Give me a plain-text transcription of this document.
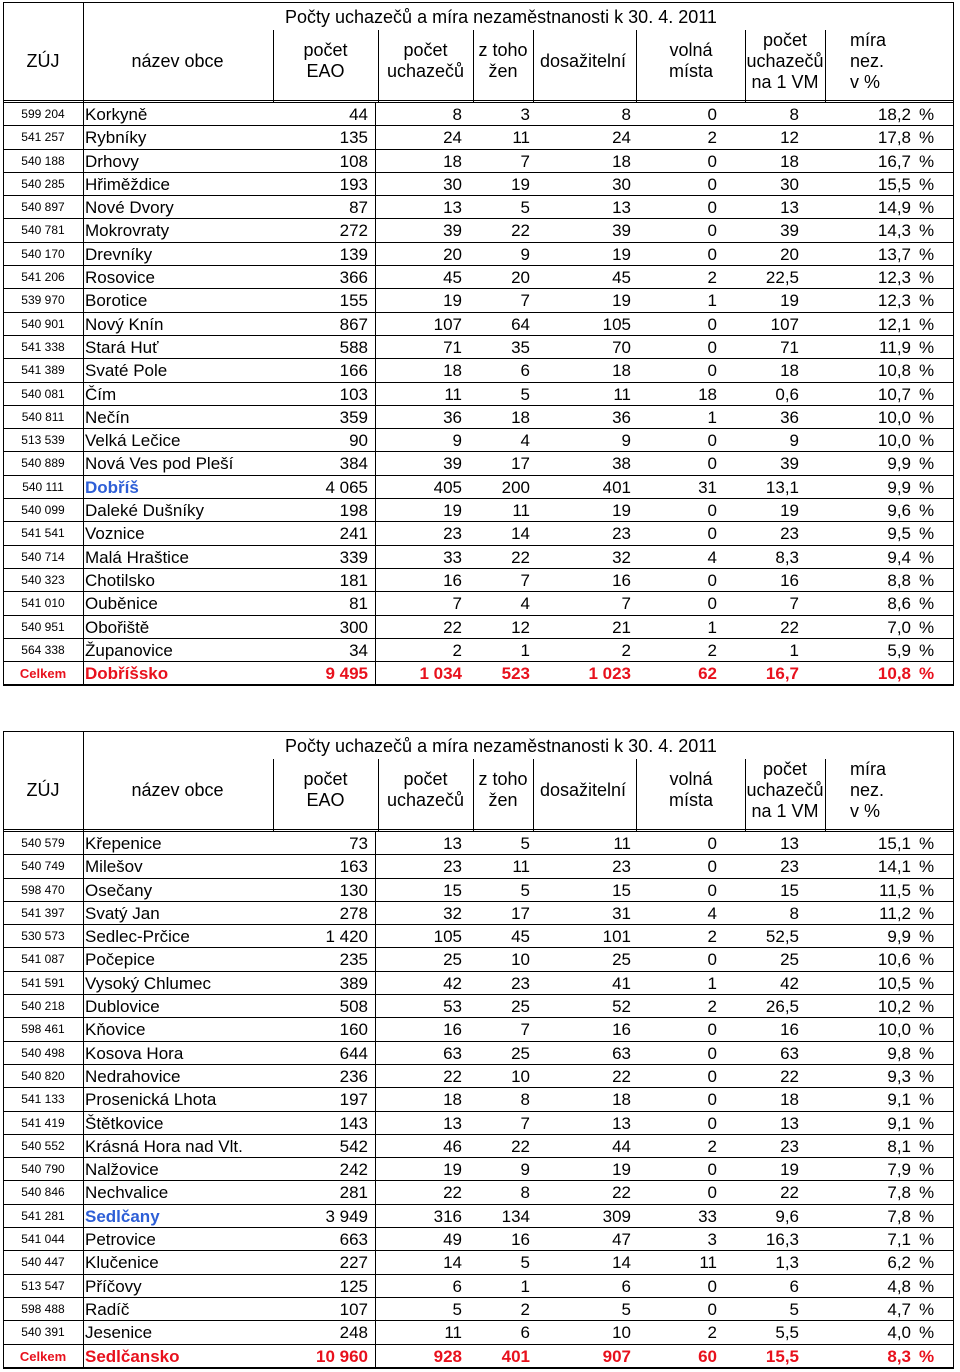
Počty uchazečů a míra nezaměstnanosti k 30. 4. 2011
ZÚJ	název obce
počet
EAO
počet
uchazečů
z toho
žen	dosažitelní
volná
místa
počet
uchazečů
na 1 VM
míra
nez.
v %
599 204	Korkyně	44	8	3	8	0	8	18,2 %
541 257	Rybníky	135	24	11	24	2	12	17,8 %
540 188	Drhovy	108	18	7	18	0	18	16,7 %
540 285	Hřiměždice	193	30	19	30	0	30	15,5 %
540 897	Nové Dvory	87	13	5	13	0	13	14,9 %
540 781	Mokrovraty	272	39	22	39	0	39	14,3 %
540 170	Drevníky	139	20	9	19	0	20	13,7 %
541 206	Rosovice	366	45	20	45	2	22,5	12,3 %
539 970	Borotice	155	19	7	19	1	19	12,3 %
540 901	Nový Knín	867	107	64	105	0	107	12,1 %
541 338	Stará Huť	588	71	35	70	0	71	11,9 %
541 389	Svaté Pole	166	18	6	18	0	18	10,8 %
540 081	Čím	103	11	5	11	18	0,6	10,7 %
540 811	Nečín	359	36	18	36	1	36	10,0 %
513 539	Velká Lečice	90	9	4	9	0	9	10,0 %
540 889	Nová Ves pod Pleší	384	39	17	38	0	39	9,9 %
540 111	Dobříš	4 065	405	200	401	31	13,1	9,9 %
540 099	Daleké Dušníky	198	19	11	19	0	19	9,6 %
541 541	Voznice	241	23	14	23	0	23	9,5 %
540 714	Malá Hraštice	339	33	22	32	4	8,3	9,4 %
540 323	Chotilsko	181	16	7	16	0	16	8,8 %
541 010	Ouběnice	81	7	4	7	0	7	8,6 %
540 951	Obořiště	300	22	12	21	1	22	7,0 %
564 338	Županovice	34	2	1	2	2	1	5,9 %
Celkem	Dobříšsko	9 495	1 034	523	1 023	62	16,7	10,8 %
Počty uchazečů a míra nezaměstnanosti k 30. 4. 2011
ZÚJ	název obce
počet
EAO
počet
uchazečů
z toho
žen	dosažitelní
volná
místa
počet
uchazečů
na 1 VM
míra
nez.
v %
540 579	Křepenice	73	13	5	11	0	13	15,1 %
540 749	Milešov	163	23	11	23	0	23	14,1 %
598 470	Osečany	130	15	5	15	0	15	11,5 %
541 397	Svatý Jan	278	32	17	31	4	8	11,2 %
530 573	Sedlec-Prčice	1 420	105	45	101	2	52,5	9,9 %
541 087	Počepice	235	25	10	25	0	25	10,6 %
541 591	Vysoký Chlumec	389	42	23	41	1	42	10,5 %
540 218	Dublovice	508	53	25	52	2	26,5	10,2 %
598 461	Kňovice	160	16	7	16	0	16	10,0 %
540 498	Kosova Hora	644	63	25	63	0	63	9,8 %
540 820	Nedrahovice	236	22	10	22	0	22	9,3 %
541 133	Prosenická Lhota	197	18	8	18	0	18	9,1 %
541 419	Štětkovice	143	13	7	13	0	13	9,1 %
540 552	Krásná Hora nad Vlt.	542	46	22	44	2	23	8,1 %
540 790	Nalžovice	242	19	9	19	0	19	7,9 %
540 846	Nechvalice	281	22	8	22	0	22	7,8 %
541 281	Sedlčany	3 949	316	134	309	33	9,6	7,8 %
541 044	Petrovice	663	49	16	47	3	16,3	7,1 %
540 447	Klučenice	227	14	5	14	11	1,3	6,2 %
513 547	Příčovy	125	6	1	6	0	6	4,8 %
598 488	Radíč	107	5	2	5	0	5	4,7 %
540 391	Jesenice	248	11	6	10	2	5,5	4,0 %
Celkem	Sedlčansko	10 960	928	401	907	60	15,5	8,3 %
